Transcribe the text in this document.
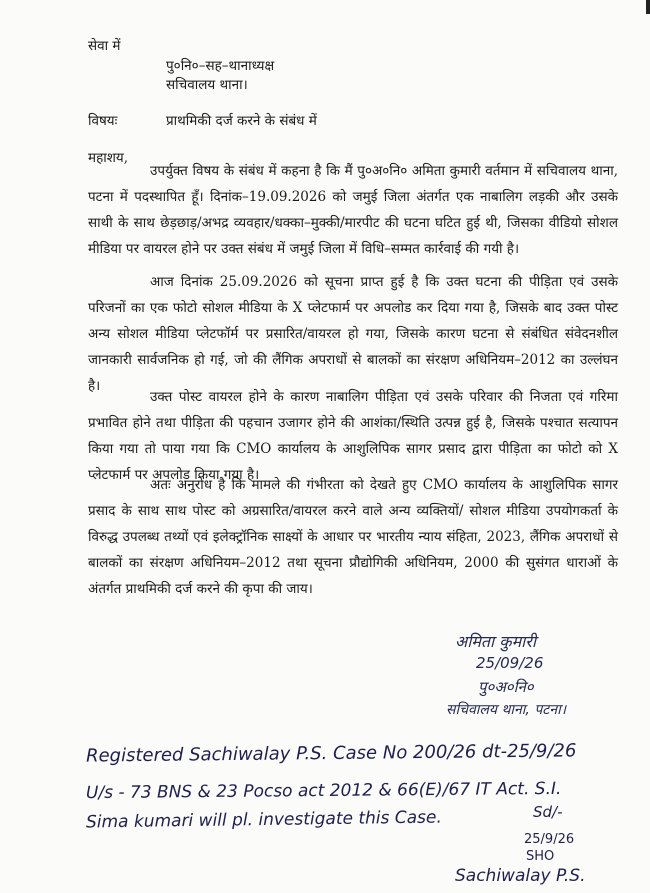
सेवा में
पु०नि०–सह–थानाध्यक्ष
सचिवालय थाना।
विषयः	प्राथमिकी दर्ज करने के संबंध में
महाशय,
उपर्युक्त विषय के संबंध में कहना है कि मैं पु०अ०नि० अमिता कुमारी वर्तमान में सचिवालय थाना, पटना में पदस्थापित हूँ। दिनांक–19.09.2026 को जमुई जिला अंतर्गत एक नाबालिग लड़की और उसके साथी के साथ छेड़छाड़/अभद्र व्यवहार/धक्का–मुक्की/मारपीट की घटना घटित हुई थी, जिसका वीडियो सोशल मीडिया पर वायरल होने पर उक्त संबंध में जमुई जिला में विधि–सम्मत कार्रवाई की गयी है।
आज दिनांक 25.09.2026 को सूचना प्राप्त हुई है कि उक्त घटना की पीड़िता एवं उसके परिजनों का एक फोटो सोशल मीडिया के X प्लेटफार्म पर अपलोड कर दिया गया है, जिसके बाद उक्त पोस्ट अन्य सोशल मीडिया प्लेटफॉर्म पर प्रसारित/वायरल हो गया, जिसके कारण घटना से संबंधित संवेदनशील जानकारी सार्वजनिक हो गई, जो की लैंगिक अपराधों से बालकों का संरक्षण अधिनियम–2012 का उल्लंघन है।
उक्त पोस्ट वायरल होने के कारण नाबालिग पीड़िता एवं उसके परिवार की निजता एवं गरिमा प्रभावित होने तथा पीड़िता की पहचान उजागर होने की आशंका/स्थिति उत्पन्न हुई है, जिसके पश्चात सत्यापन किया गया तो पाया गया कि CMO कार्यालय के आशुलिपिक सागर प्रसाद द्वारा पीड़िता का फोटो को X प्लेटफार्म पर अपलोड किया गया है।
अतः अनुरोध है कि मामले की गंभीरता को देखते हुए CMO कार्यालय के आशुलिपिक सागर प्रसाद के साथ साथ पोस्ट को अग्रसारित/वायरल करने वाले अन्य व्यक्तियों/ सोशल मीडिया उपयोगकर्ता के विरुद्ध उपलब्ध तथ्यों एवं इलेक्ट्रॉनिक साक्ष्यों के आधार पर भारतीय न्याय संहिता, 2023, लैंगिक अपराधों से बालकों का संरक्षण अधिनियम–2012 तथा सूचना प्रौद्योगिकी अधिनियम, 2000 की सुसंगत धाराओं के अंतर्गत प्राथमिकी दर्ज करने की कृपा की जाय।
अमिता कुमारी
25/09/26
पु०अ०नि०
सचिवालय थाना, पटना।
Registered Sachiwalay P.S. Case No 200/26 dt-25/9/26
U/s - 73 BNS & 23 Pocso act 2012 & 66(E)/67 IT Act. S.I.
Sima kumari will pl. investigate this Case.	Sd/-
25/9/26
SHO
Sachiwalay P.S.
